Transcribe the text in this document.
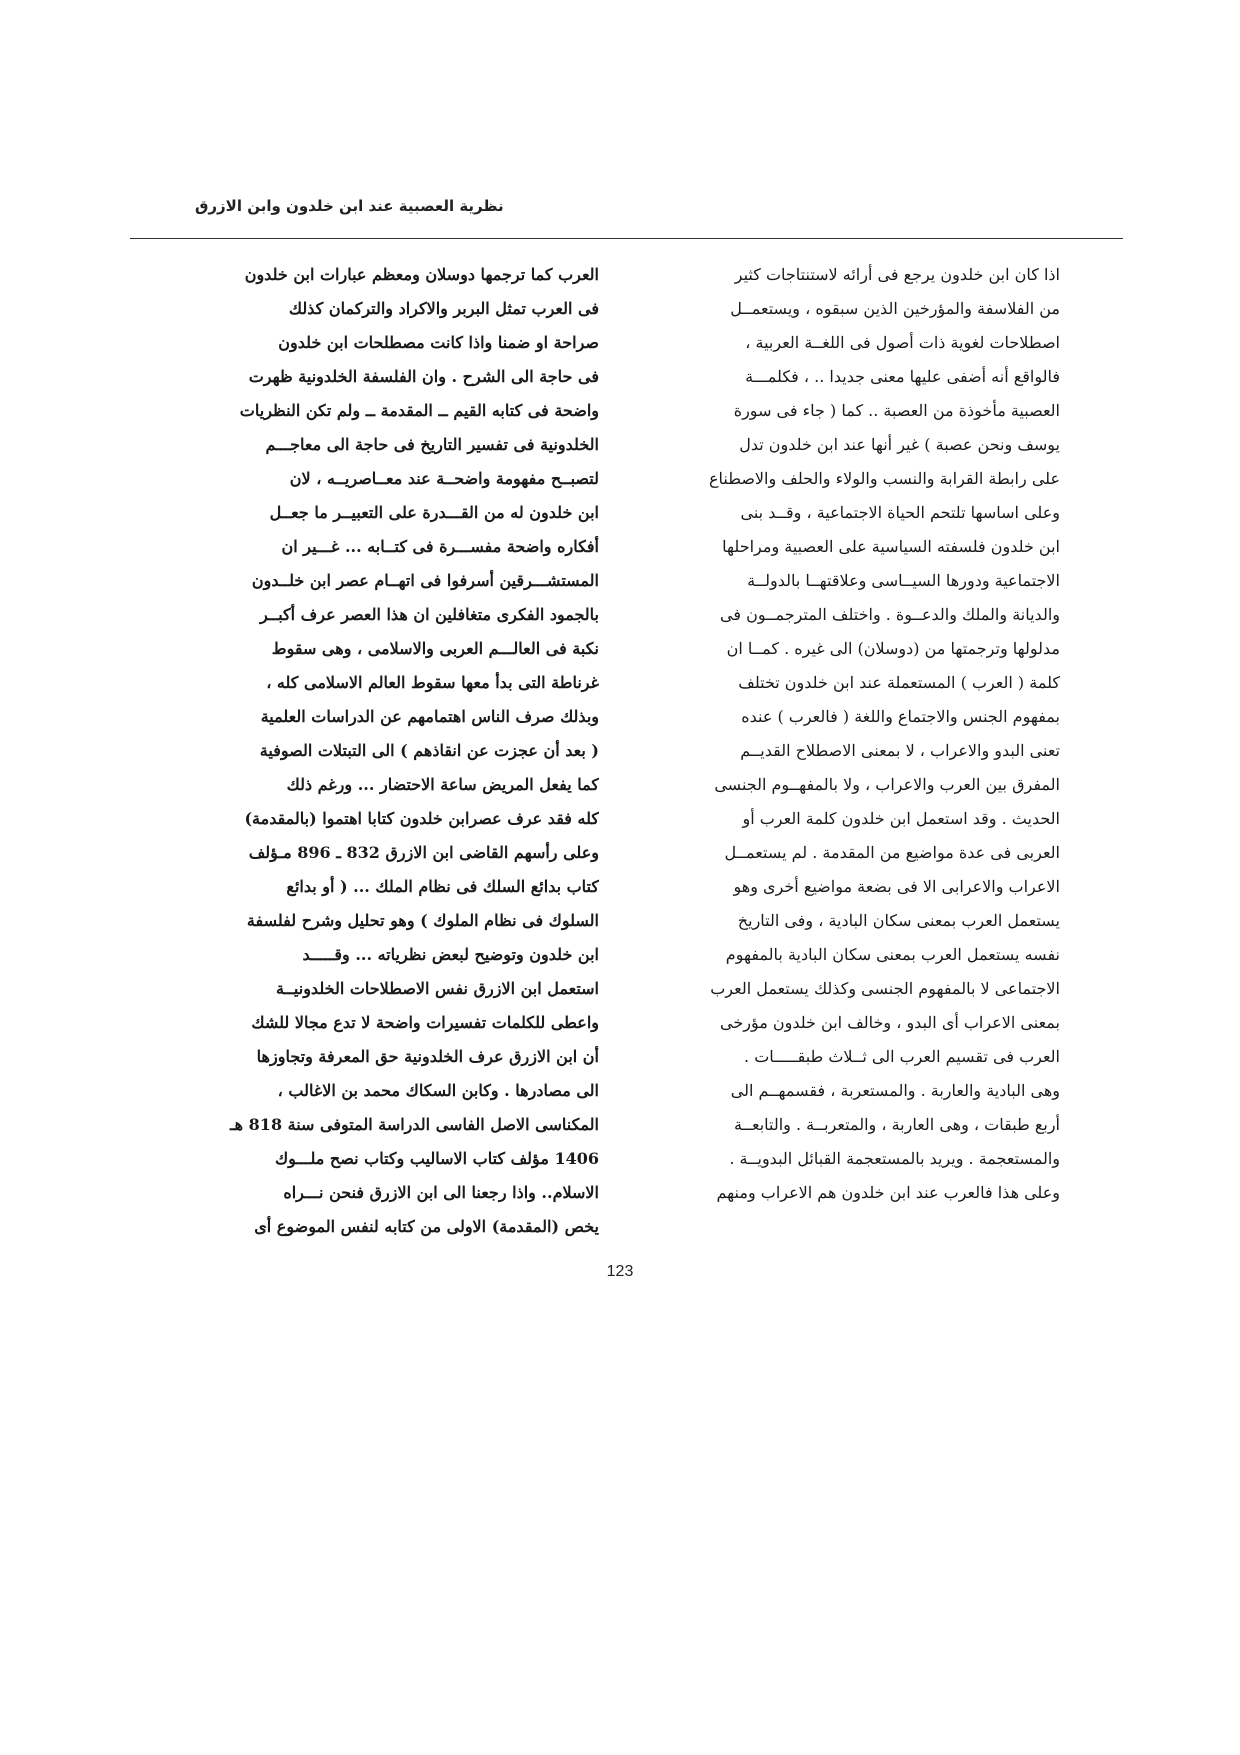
نظرية العصبية عند ابن خلدون وابن الازرق
اذا كان ابن خلدون يرجع فى أرائه لاستنتاجات كثير
من الفلاسفة والمؤرخين الذين سبقوه ، ويستعمــل
اصطلاحات لغوية ذات أصول فى اللغــة العربية ،
فالواقع أنه أضفى عليها معنى جديدا .. ، فكلمـــة
العصبية مأخوذة من العصبة .. كما ( جاء فى سورة
يوسف ونحن عصبة ) غير أنها عند ابن خلدون تدل
على رابطة القرابة والنسب والولاء والحلف والاصطناع
وعلى اساسها تلتحم الحياة الاجتماعية ، وقــد بنى
ابن خلدون فلسفته السياسية على العصبية ومراحلها
الاجتماعية ودورها السيــاسى وعلاقتهــا بالدولــة
والديانة والملك والدعــوة . واختلف المترجمــون فى
مدلولها وترجمتها من (دوسلان) الى غيره . كمــا ان
كلمة ( العرب ) المستعملة عند ابن خلدون تختلف
بمفهوم الجنس والاجتماع واللغة ( فالعرب ) عنده
تعنى البدو والاعراب ، لا بمعنى الاصطلاح القديــم
المفرق بين العرب والاعراب ، ولا بالمفهــوم الجنسى
الحديث . وقد استعمل ابن خلدون كلمة العرب أو
العربى فى عدة مواضيع من المقدمة . لم يستعمــل
الاعراب والاعرابى الا فى بضعة مواضيع أخرى وهو
يستعمل العرب بمعنى سكان البادية ، وفى التاريخ
نفسه يستعمل العرب بمعنى سكان البادية بالمفهوم
الاجتماعى لا بالمفهوم الجنسى وكذلك يستعمل العرب
بمعنى الاعراب أى البدو ، وخالف ابن خلدون مؤرخى
العرب فى تقسيم العرب الى ثــلاث طبقـــــات .
وهى البادية والعاربة . والمستعربة ، فقسمهــم الى
أربع طبقات ، وهى العاربة ، والمتعربــة . والتابعــة
والمستعجمة . ويريد بالمستعجمة القبائل البدويــة .
وعلى هذا فالعرب عند ابن خلدون هم الاعراب ومنهم
العرب كما ترجمها دوسلان ومعظم عبارات ابن خلدون
فى العرب تمثل البربر والاكراد والتركمان كذلك
صراحة او ضمنا واذا كانت مصطلحات ابن خلدون
فى حاجة الى الشرح . وان الفلسفة الخلدونية ظهرت
واضحة فى كتابه القيم ــ المقدمة ــ ولم تكن النظريات
الخلدونية فى تفسير التاريخ فى حاجة الى معاجـــم
لتصبــح مفهومة واضحــة عند معــاصريــه ، لان
ابن خلدون له من القـــدرة على التعبيــر ما جعــل
أفكاره واضحة مفســـرة فى كتــابه ... غـــير ان
المستشـــرقين أسرفوا فى اتهــام عصر ابن خلــدون
بالجمود الفكرى متغافلين ان هذا العصر عرف أكبــر
نكبة فى العالـــم العربى والاسلامى ، وهى سقوط
غرناطة التى بدأ معها سقوط العالم الاسلامى كله ،
وبذلك صرف الناس اهتمامهم عن الدراسات العلمية
( بعد أن عجزت عن انقاذهم ) الى التبتلات الصوفية
كما يفعل المريض ساعة الاحتضار ... ورغم ذلك
كله فقد عرف عصرابن خلدون كتابا اهتموا (بالمقدمة)
وعلى رأسهم القاضى ابن الازرق 832 ـ 896 مـؤلف
كتاب بدائع السلك فى نظام الملك ... ( أو بدائع
السلوك فى نظام الملوك ) وهو تحليل وشرح لفلسفة
ابن خلدون وتوضيح لبعض نظرياته ... وقـــــد
استعمل ابن الازرق نفس الاصطلاحات الخلدونيــة
واعطى للكلمات تفسيرات واضحة لا تدع مجالا للشك
أن ابن الازرق عرف الخلدونية حق المعرفة وتجاوزها
الى مصادرها . وكابن السكاك محمد بن الاغالب ،
المكناسى الاصل الفاسى الدراسة المتوفى سنة 818 هـ
1406 مؤلف كتاب الاساليب وكتاب نصح ملـــوك
الاسلام.. واذا رجعنا الى ابن الازرق فنحن نـــراه
يخص (المقدمة) الاولى من كتابه لنفس الموضوع أى
123
